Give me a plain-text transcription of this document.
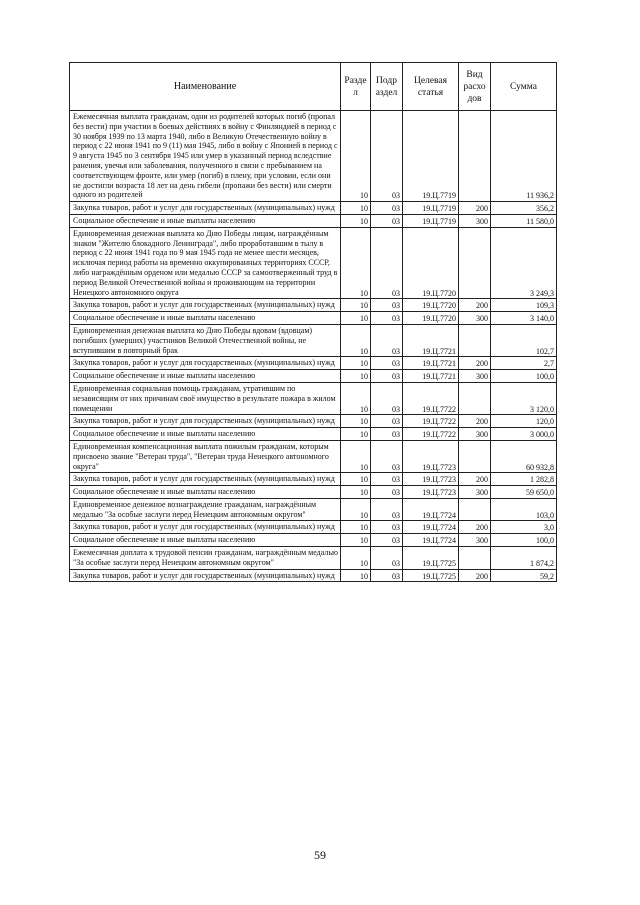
Наименование	Разде л	Подр аздел	Целевая статья	Вид расхо дов	Сумма
Ежемесячная выплата гражданам, одни из родителей которых погиб (пропал без вести) при участии в боевых действиях в войну с Финляндией в период с 30 ноября 1939 по 13 марта 1940, либо в Великую Отечественную войну в период с 22 июня 1941 по 9 (11) мая 1945, либо в войну с Японией в период с 9 августа 1945 по 3 сентября 1945 или умер в указанный период вследствие ранения, увечья или заболевания, полученного в связи с пребыванием на соответствующем фронте, или умер (погиб) в плену, при условии, если они не достигли возраста 18 лет на день гибели (пропажи без вести) или смерти одного из родителей	10	03	19.Ц.7719		11 936,2
Закупка товаров, работ и услуг для государственных (муниципальных) нужд	10	03	19.Ц.7719	200	356,2
Социальное обеспечение и иные выплаты населению	10	03	19.Ц.7719	300	11 580,0
Единовременная денежная выплата ко Дню Победы лицам, награждённым знаком "Жителю блокадного Ленинграда", либо проработавшим в тылу в период с 22 июня 1941 года по 9 мая 1945 года не менее шести месяцев, исключая период работы на временно оккупированных территориях СССР, либо награждённым орденом или медалью СССР за самоотверженный труд в период Великой Отечественной войны и проживающим на территории Ненецкого автономного округа	10	03	19.Ц.7720		3 249,3
Закупка товаров, работ и услуг для государственных (муниципальных) нужд	10	03	19.Ц.7720	200	109,3
Социальное обеспечение и иные выплаты населению	10	03	19.Ц.7720	300	3 140,0
Единовременная денежная выплата ко Дню Победы вдовам (вдовцам) погибших (умерших) участников Великой Отечественной войны, не вступившим в повторный брак	10	03	19.Ц.7721		102,7
Закупка товаров, работ и услуг для государственных (муниципальных) нужд	10	03	19.Ц.7721	200	2,7
Социальное обеспечение и иные выплаты населению	10	03	19.Ц.7721	300	100,0
Единовременная социальная помощь гражданам, утратившим по независящим от них причинам своё имущество в результате пожара в жилом помещении	10	03	19.Ц.7722		3 120,0
Закупка товаров, работ и услуг для государственных (муниципальных) нужд	10	03	19.Ц.7722	200	120,0
Социальное обеспечение и иные выплаты населению	10	03	19.Ц.7722	300	3 000,0
Единовременная компенсационная выплата пожилым гражданам, которым присвоено звание "Ветеран труда", "Ветеран труда Ненецкого автономного округа"	10	03	19.Ц.7723		60 932,8
Закупка товаров, работ и услуг для государственных (муниципальных) нужд	10	03	19.Ц.7723	200	1 282,8
Социальное обеспечение и иные выплаты населению	10	03	19.Ц.7723	300	59 650,0
Единовременное денежное вознаграждение гражданам, награждённым медалью "За особые заслуги перед Ненецким автономным округом"	10	03	19.Ц.7724		103,0
Закупка товаров, работ и услуг для государственных (муниципальных) нужд	10	03	19.Ц.7724	200	3,0
Социальное обеспечение и иные выплаты населению	10	03	19.Ц.7724	300	100,0
Ежемесячная доплата к трудовой пенсии гражданам, награждённым медалью "За особые заслуги перед Ненецким автономным округом"	10	03	19.Ц.7725		1 874,2
Закупка товаров, работ и услуг для государственных (муниципальных) нужд	10	03	19.Ц.7725	200	59,2
59
